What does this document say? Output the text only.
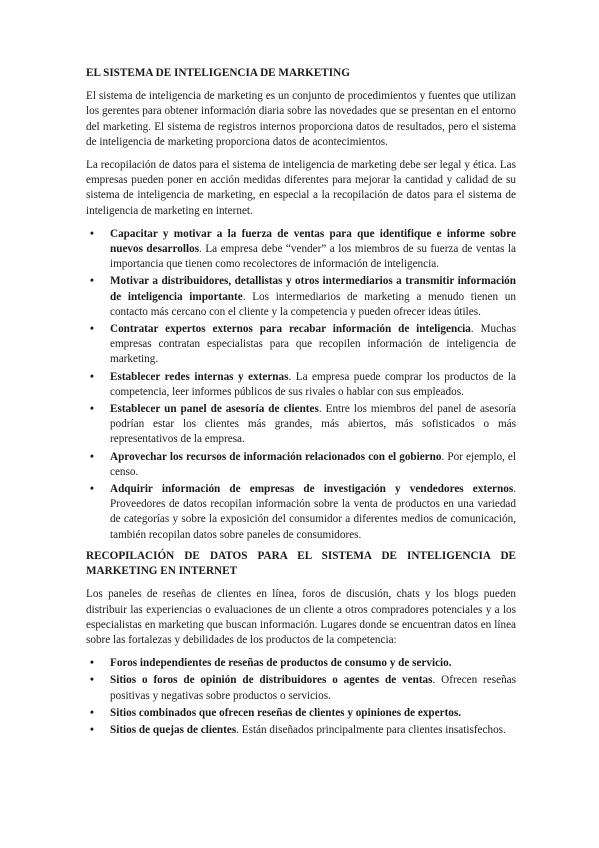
EL SISTEMA DE INTELIGENCIA DE MARKETING
El sistema de inteligencia de marketing es un conjunto de procedimientos y fuentes que utilizan los gerentes para obtener información diaria sobre las novedades que se presentan en el entorno del marketing. El sistema de registros internos proporciona datos de resultados, pero el sistema de inteligencia de marketing proporciona datos de acontecimientos.
La recopilación de datos para el sistema de inteligencia de marketing debe ser legal y ética. Las empresas pueden poner en acción medidas diferentes para mejorar la cantidad y calidad de su sistema de inteligencia de marketing, en especial a la recopilación de datos para el sistema de inteligencia de marketing en internet.
• Capacitar y motivar a la fuerza de ventas para que identifique e informe sobre nuevos desarrollos. La empresa debe “vender” a los miembros de su fuerza de ventas la importancia que tienen como recolectores de información de inteligencia.
• Motivar a distribuidores, detallistas y otros intermediarios a transmitir información de inteligencia importante. Los intermediarios de marketing a menudo tienen un contacto más cercano con el cliente y la competencia y pueden ofrecer ideas útiles.
• Contratar expertos externos para recabar información de inteligencia. Muchas empresas contratan especialistas para que recopilen información de inteligencia de marketing.
• Establecer redes internas y externas. La empresa puede comprar los productos de la competencia, leer informes públicos de sus rivales o hablar con sus empleados.
• Establecer un panel de asesoría de clientes. Entre los miembros del panel de asesoría podrían estar los clientes más grandes, más abiertos, más sofisticados o más representativos de la empresa.
• Aprovechar los recursos de información relacionados con el gobierno. Por ejemplo, el censo.
• Adquirir información de empresas de investigación y vendedores externos. Proveedores de datos recopilan información sobre la venta de productos en una variedad de categorías y sobre la exposición del consumidor a diferentes medios de comunicación, también recopilan datos sobre paneles de consumidores.
RECOPILACIÓN DE DATOS PARA EL SISTEMA DE INTELIGENCIA DE MARKETING EN INTERNET
Los paneles de reseñas de clientes en línea, foros de discusión, chats y los blogs pueden distribuir las experiencias o evaluaciones de un cliente a otros compradores potenciales y a los especialistas en marketing que buscan información. Lugares donde se encuentran datos en línea sobre las fortalezas y debilidades de los productos de la competencia:
• Foros independientes de reseñas de productos de consumo y de servicio.
• Sitios o foros de opinión de distribuidores o agentes de ventas. Ofrecen reseñas positivas y negativas sobre productos o servicios.
• Sitios combinados que ofrecen reseñas de clientes y opiniones de expertos.
• Sitios de quejas de clientes. Están diseñados principalmente para clientes insatisfechos.
